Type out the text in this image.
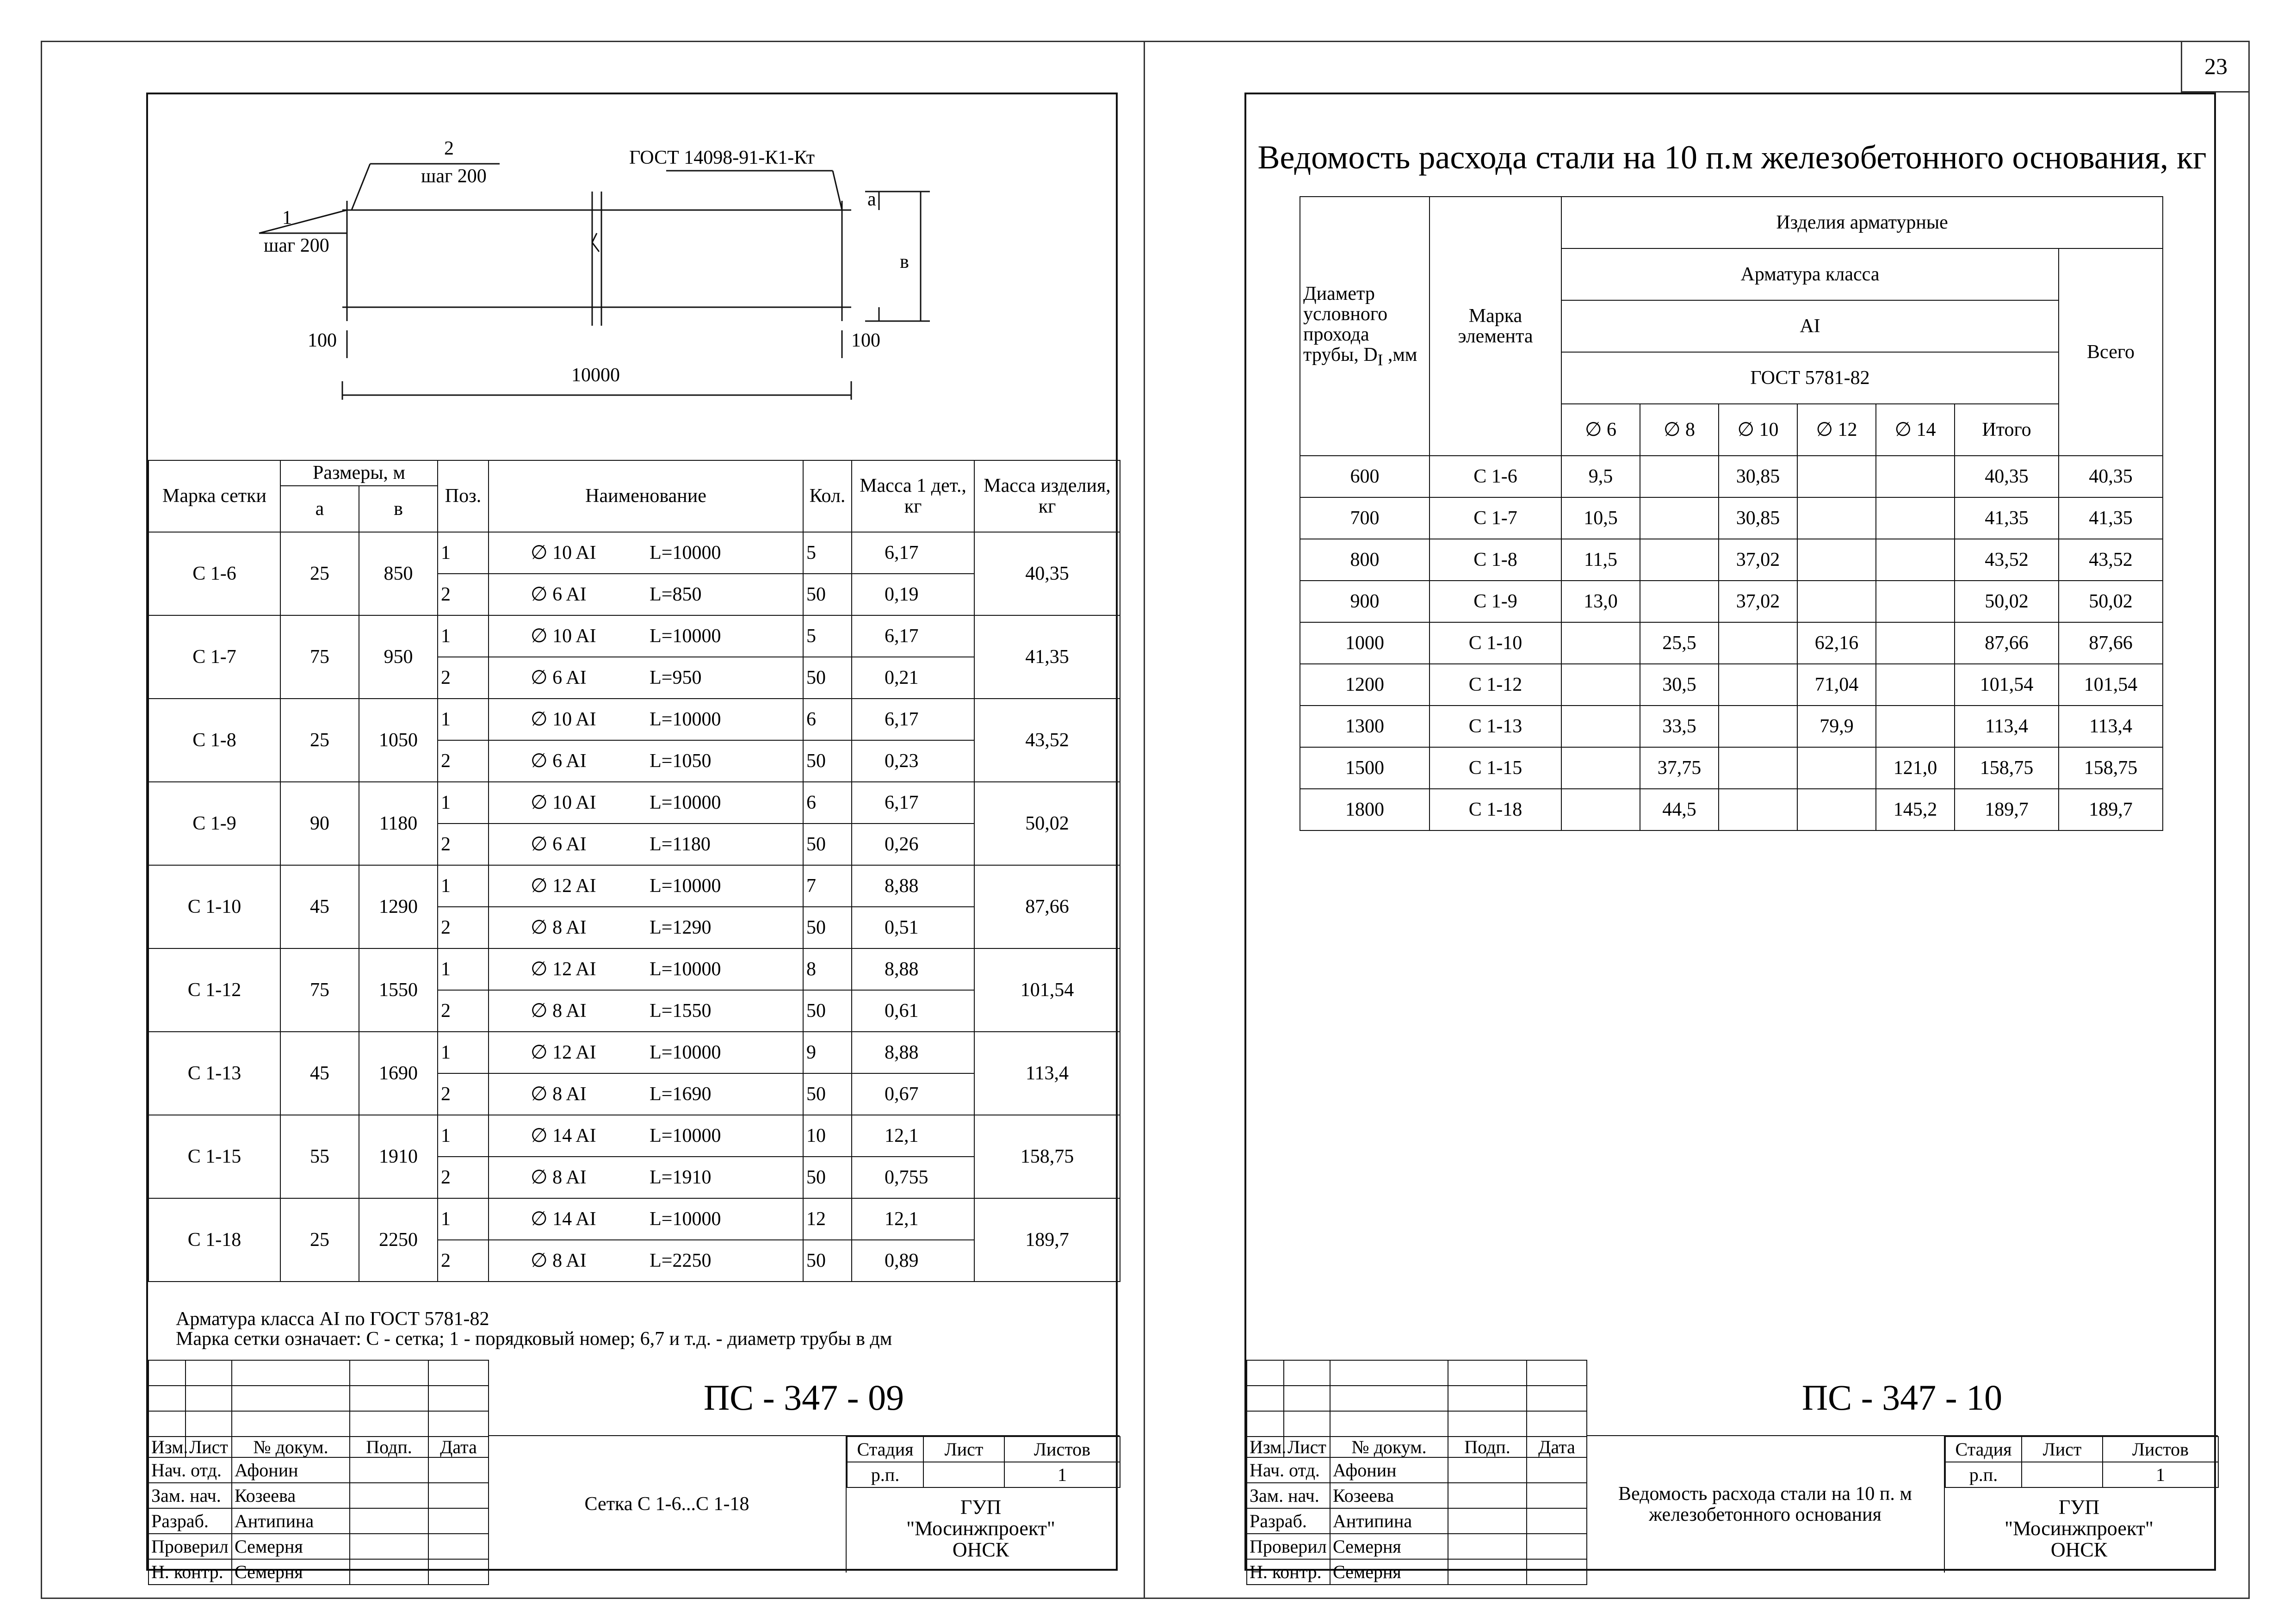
23
1
шаг 200
2
шаг 200
ГОСТ 14098-91-К1-Кт
а
в
100	100
10000
Марка сетки	Размеры, м		Поз.	Наименование	Кол.	Масса 1 дет., кг	Масса изделия, кг
	а	в					
С 1-6	25	850	1	∅ 10 AI L=10000	5	6,17	40,35
			2	∅ 6 AI L=850	50	0,19	
С 1-7	75	950	1	∅ 10 AI L=10000	5	6,17	41,35
			2	∅ 6 AI L=950	50	0,21	
С 1-8	25	1050	1	∅ 10 AI L=10000	6	6,17	43,52
			2	∅ 6 AI L=1050	50	0,23	
С 1-9	90	1180	1	∅ 10 AI L=10000	6	6,17	50,02
			2	∅ 6 AI L=1180	50	0,26	
С 1-10	45	1290	1	∅ 12 AI L=10000	7	8,88	87,66
			2	∅ 8 AI L=1290	50	0,51	
С 1-12	75	1550	1	∅ 12 AI L=10000	8	8,88	101,54
			2	∅ 8 AI L=1550	50	0,61	
С 1-13	45	1690	1	∅ 12 AI L=10000	9	8,88	113,4
			2	∅ 8 AI L=1690	50	0,67	
С 1-15	55	1910	1	∅ 14 AI L=10000	10	12,1	158,75
			2	∅ 8 AI L=1910	50	0,755	
С 1-18	25	2250	1	∅ 14 AI L=10000	12	12,1	189,7
			2	∅ 8 AI L=2250	50	0,89	
Арматура класса AI по ГОСТ 5781-82
Марка сетки означает: С - сетка; 1 - порядковый номер; 6,7 и т.д. - диаметр трубы в дм

Изм.	Лист	№ докум.	Подп.	Дата
Нач. отд.		Афонин		
Зам. нач.		Козеева		
Разраб.		Антипина		
Проверил		Семерня		
Н. контр.		Семерня		
ПС - 347 - 09
Сетка С 1-6...С 1-18
Стадия	Лист	Листов
р.п.		1
ГУП "Мосинжпроект" ОНСК
Ведомость расхода стали на 10 п.м железобетонного основания, кг
Диаметр условного прохода трубы, $D_I$ ,мм	Марка элемента	Изделия арматурные						
		Арматура класса						Всего
		AI						
		ГОСТ 5781-82						
		∅ 6	∅ 8	∅ 10	∅ 12	∅ 14	Итого	
600	С 1-6	9,5		30,85			40,35	40,35
700	С 1-7	10,5		30,85			41,35	41,35
800	С 1-8	11,5		37,02			43,52	43,52
900	С 1-9	13,0		37,02			50,02	50,02
1000	С 1-10		25,5		62,16		87,66	87,66
1200	С 1-12		30,5		71,04		101,54	101,54
1300	С 1-13		33,5		79,9		113,4	113,4
1500	С 1-15		37,75			121,0	158,75	158,75
1800	С 1-18		44,5			145,2	189,7	189,7

Изм.	Лист	№ докум.	Подп.	Дата
Нач. отд.		Афонин		
Зам. нач.		Козеева		
Разраб.		Антипина		
Проверил		Семерня		
Н. контр.		Семерня		
ПС - 347 - 10
Ведомость расхода стали на 10 п. м железобетонного основания
Стадия	Лист	Листов
р.п.		1
ГУП "Мосинжпроект" ОНСК
